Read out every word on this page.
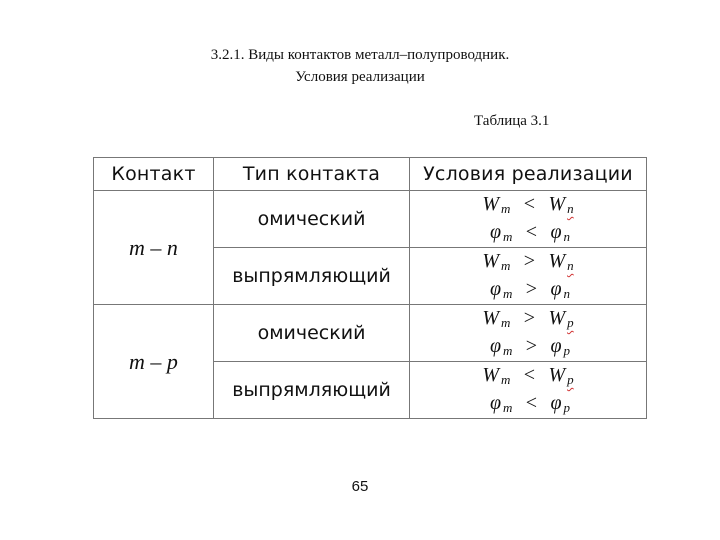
3.2.1. Виды контактов металл–полупроводник.
Условия реализации
Таблица 3.1
Контакт	Тип контакта	Условия реализации
m – n	омический	Wm < W n
φm < φ n

	выпрямляющий	Wm > W n
φm > φ n

m – p	омический	Wm > W p
φm > φ p

	выпрямляющий	Wm < W p
φm < φ p
65
